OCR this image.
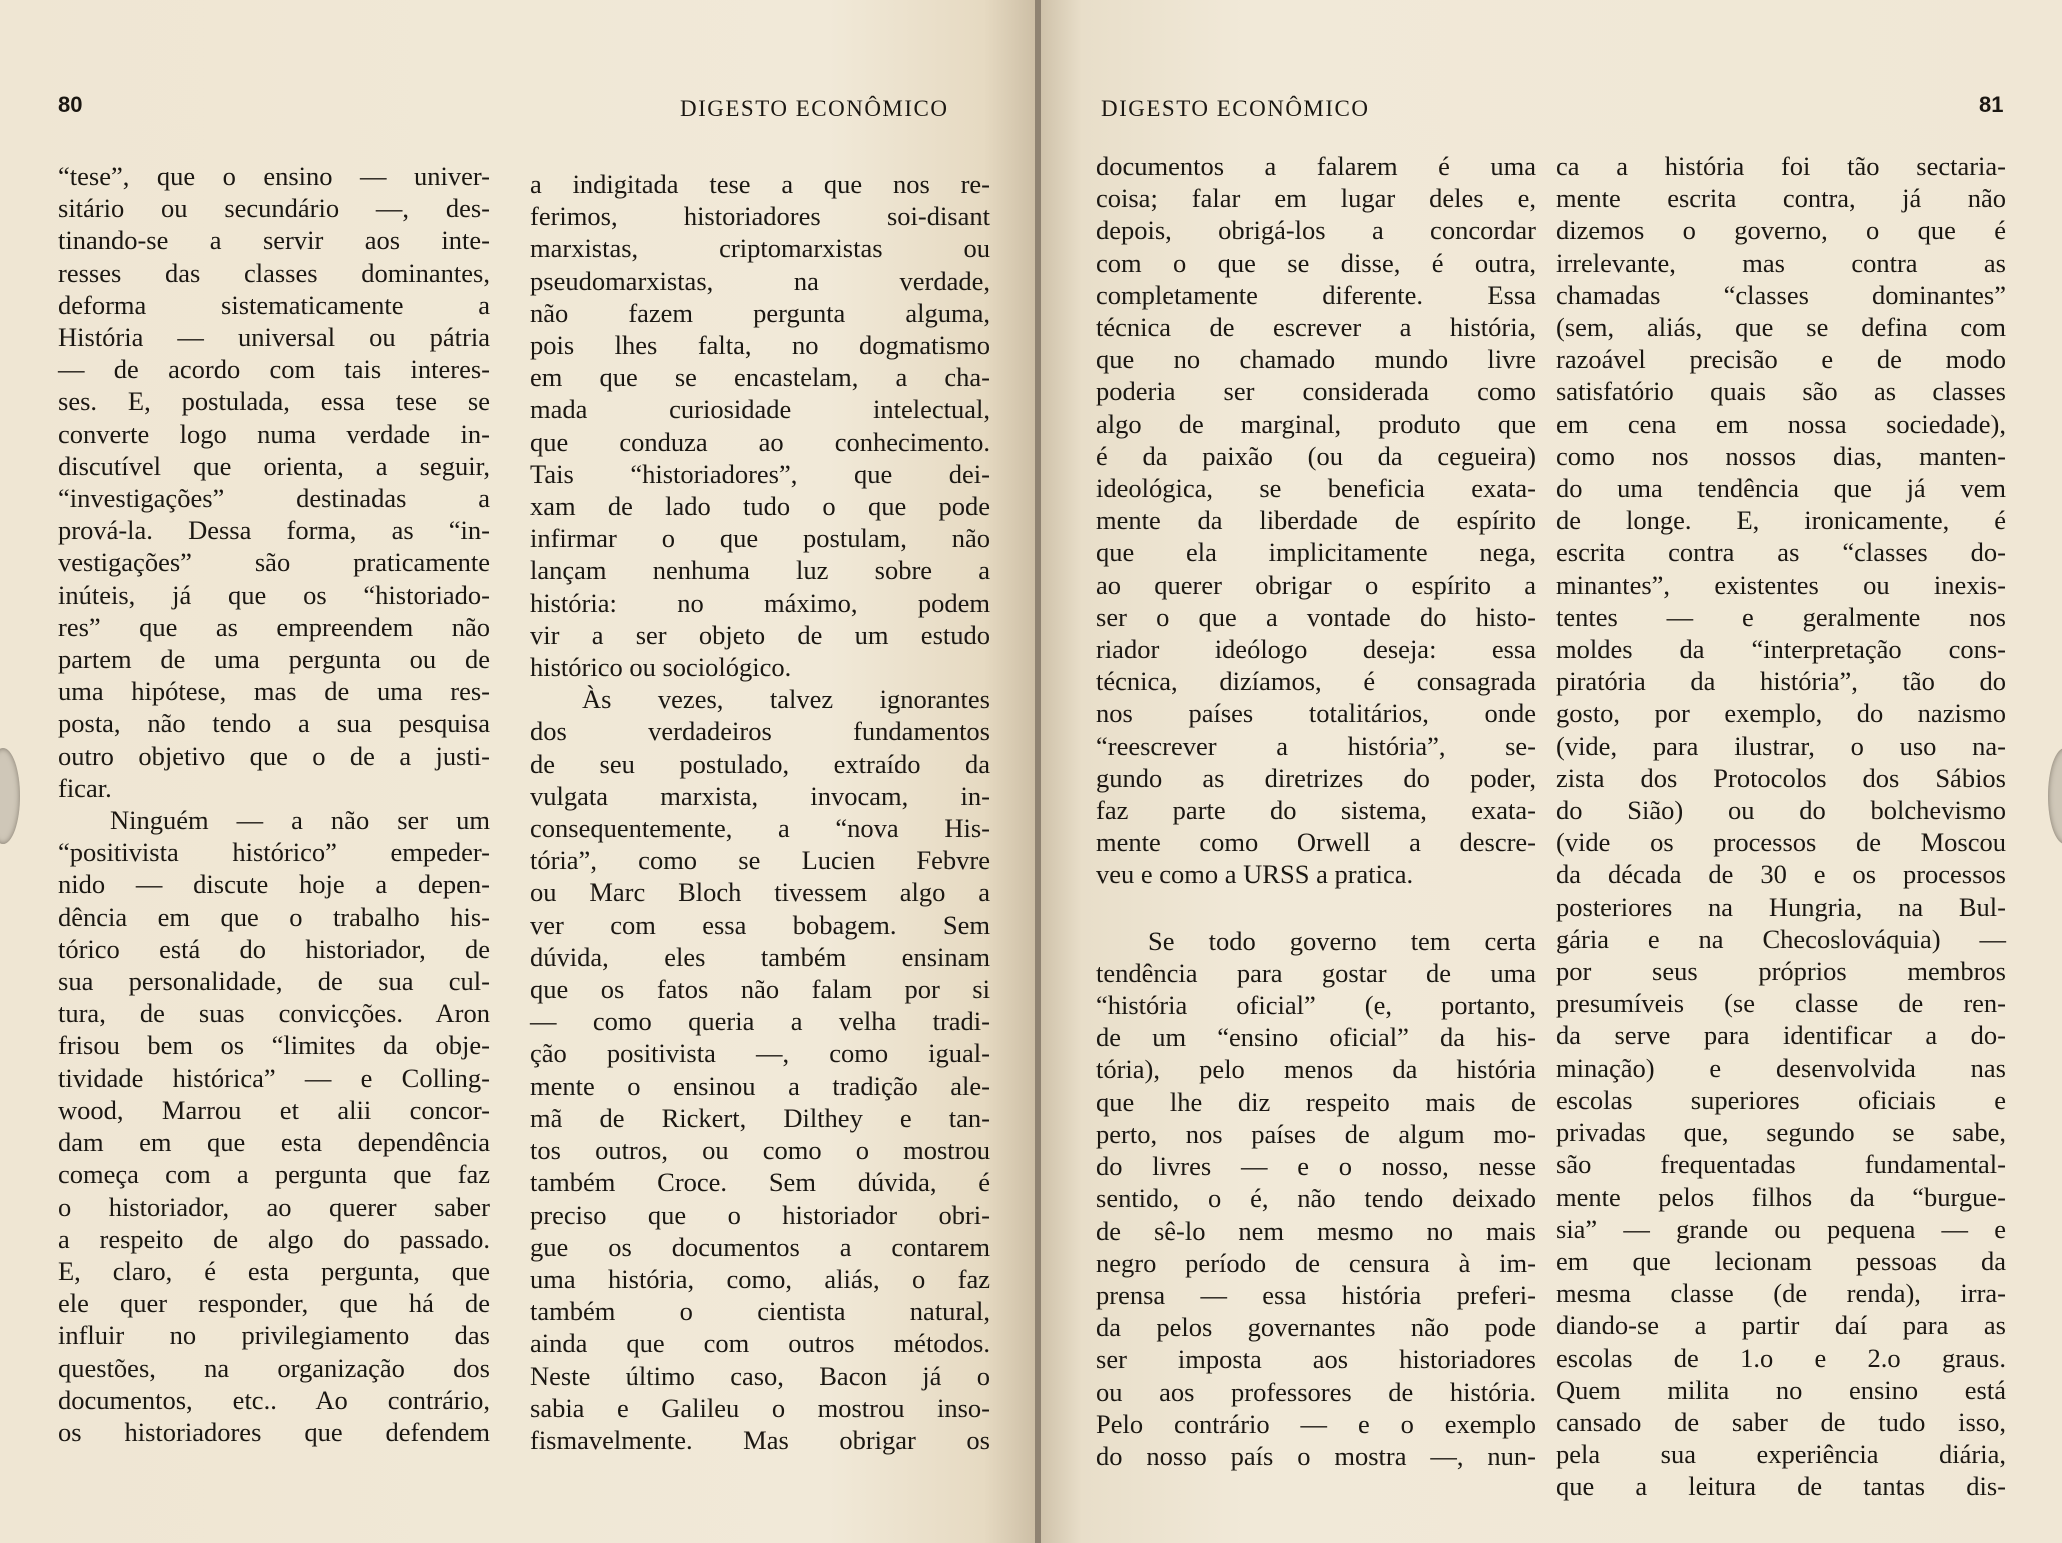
80	DIGESTO ECONÔMICO
“tese”, que o ensino — univer-
sitário ou secundário —, des-
tinando-se a servir aos inte-
resses das classes dominantes,
deforma sistematicamente a
História — universal ou pátria
— de acordo com tais interes-
ses. E, postulada, essa tese se
converte logo numa verdade in-
discutível que orienta, a seguir,
“investigações” destinadas a
prová-la. Dessa forma, as “in-
vestigações” são praticamente
inúteis, já que os “historiado-
res” que as empreendem não
partem de uma pergunta ou de
uma hipótese, mas de uma res-
posta, não tendo a sua pesquisa
outro objetivo que o de a justi-
ficar.
Ninguém — a não ser um
“positivista histórico” empeder-
nido — discute hoje a depen-
dência em que o trabalho his-
tórico está do historiador, de
sua personalidade, de sua cul-
tura, de suas convicções. Aron
frisou bem os “limites da obje-
tividade histórica” — e Colling-
wood, Marrou et alii concor-
dam em que esta dependência
começa com a pergunta que faz
o historiador, ao querer saber
a respeito de algo do passado.
E, claro, é esta pergunta, que
ele quer responder, que há de
influir no privilegiamento das
questões, na organização dos
documentos, etc.. Ao contrário,
os historiadores que defendem
a indigitada tese a que nos re-
ferimos, historiadores soi-disant
marxistas, criptomarxistas ou
pseudomarxistas, na verdade,
não fazem pergunta alguma,
pois lhes falta, no dogmatismo
em que se encastelam, a cha-
mada curiosidade intelectual,
que conduza ao conhecimento.
Tais “historiadores”, que dei-
xam de lado tudo o que pode
infirmar o que postulam, não
lançam nenhuma luz sobre a
história: no máximo, podem
vir a ser objeto de um estudo
histórico ou sociológico.
Às vezes, talvez ignorantes
dos verdadeiros fundamentos
de seu postulado, extraído da
vulgata marxista, invocam, in-
consequentemente, a “nova His-
tória”, como se Lucien Febvre
ou Marc Bloch tivessem algo a
ver com essa bobagem. Sem
dúvida, eles também ensinam
que os fatos não falam por si
— como queria a velha tradi-
ção positivista —, como igual-
mente o ensinou a tradição ale-
mã de Rickert, Dilthey e tan-
tos outros, ou como o mostrou
também Croce. Sem dúvida, é
preciso que o historiador obri-
gue os documentos a contarem
uma história, como, aliás, o faz
também o cientista natural,
ainda que com outros métodos.
Neste último caso, Bacon já o
sabia e Galileu o mostrou inso-
fismavelmente. Mas obrigar os
DIGESTO ECONÔMICO	81
documentos a falarem é uma
coisa; falar em lugar deles e,
depois, obrigá-los a concordar
com o que se disse, é outra,
completamente diferente. Essa
técnica de escrever a história,
que no chamado mundo livre
poderia ser considerada como
algo de marginal, produto que
é da paixão (ou da cegueira)
ideológica, se beneficia exata-
mente da liberdade de espírito
que ela implicitamente nega,
ao querer obrigar o espírito a
ser o que a vontade do histo-
riador ideólogo deseja: essa
técnica, dizíamos, é consagrada
nos países totalitários, onde
“reescrever a história”, se-
gundo as diretrizes do poder,
faz parte do sistema, exata-
mente como Orwell a descre-
veu e como a URSS a pratica.
Se todo governo tem certa
tendência para gostar de uma
“história oficial” (e, portanto,
de um “ensino oficial” da his-
tória), pelo menos da história
que lhe diz respeito mais de
perto, nos países de algum mo-
do livres — e o nosso, nesse
sentido, o é, não tendo deixado
de sê-lo nem mesmo no mais
negro período de censura à im-
prensa — essa história preferi-
da pelos governantes não pode
ser imposta aos historiadores
ou aos professores de história.
Pelo contrário — e o exemplo
do nosso país o mostra —, nun-
ca a história foi tão sectaria-
mente escrita contra, já não
dizemos o governo, o que é
irrelevante, mas contra as
chamadas “classes dominantes”
(sem, aliás, que se defina com
razoável precisão e de modo
satisfatório quais são as classes
em cena em nossa sociedade),
como nos nossos dias, manten-
do uma tendência que já vem
de longe. E, ironicamente, é
escrita contra as “classes do-
minantes”, existentes ou inexis-
tentes — e geralmente nos
moldes da “interpretação cons-
piratória da história”, tão do
gosto, por exemplo, do nazismo
(vide, para ilustrar, o uso na-
zista dos Protocolos dos Sábios
do Sião) ou do bolchevismo
(vide os processos de Moscou
da década de 30 e os processos
posteriores na Hungria, na Bul-
gária e na Checoslováquia) —
por seus próprios membros
presumíveis (se classe de ren-
da serve para identificar a do-
minação) e desenvolvida nas
escolas superiores oficiais e
privadas que, segundo se sabe,
são frequentadas fundamental-
mente pelos filhos da “burgue-
sia” — grande ou pequena — e
em que lecionam pessoas da
mesma classe (de renda), irra-
diando-se a partir daí para as
escolas de 1.o e 2.o graus.
Quem milita no ensino está
cansado de saber de tudo isso,
pela sua experiência diária,
que a leitura de tantas dis-
